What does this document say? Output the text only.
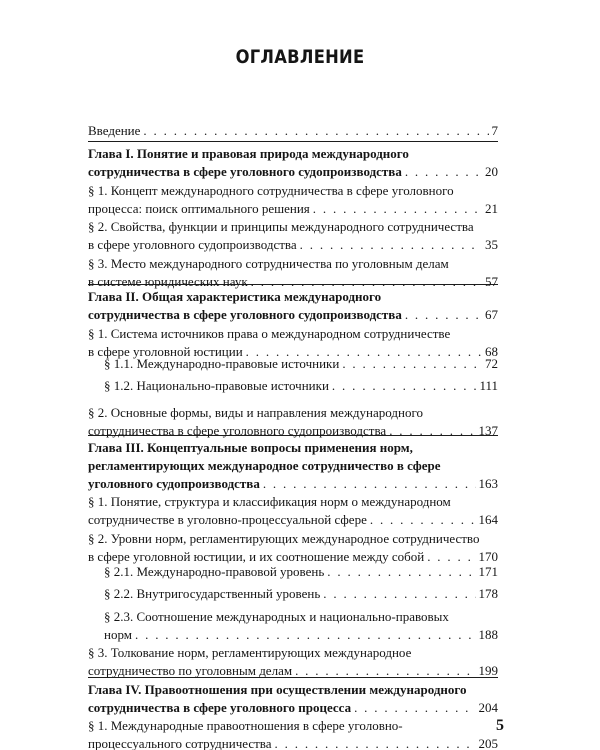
ОГЛАВЛЕНИЕ
5
Введение . . .	7
Глава I. Понятие и правовая природа международного
сотрудничества в сфере уголовного судопроизводства . . .	20
§ 1. Концепт международного сотрудничества в сфере уголовного
процесса: поиск оптимального решения . . .	21
§ 2. Свойства, функции и принципы международного сотрудничества
в сфере уголовного судопроизводства . . .	35
§ 3. Место международного сотрудничества по уголовным делам
в системе юридических наук . . .	57
Глава II. Общая характеристика международного
сотрудничества в сфере уголовного судопроизводства . . .	67
§ 1. Система источников права о международном сотрудничестве
в сфере уголовной юстиции . . .	68
§ 1.1. Международно-правовые источники . . .	72
§ 1.2. Национально-правовые источники . . .	111
§ 2. Основные формы, виды и направления международного
сотрудничества в сфере уголовного судопроизводства . . .	137
Глава III. Концептуальные вопросы применения норм,
регламентирующих международное сотрудничество в сфере
уголовного судопроизводства . . .	163
§ 1. Понятие, структура и классификация норм о международном
сотрудничестве в уголовно-процессуальной сфере . . .	164
§ 2. Уровни норм, регламентирующих международное сотрудничество
в сфере уголовной юстиции, и их соотношение между собой . . .	170
§ 2.1. Международно-правовой уровень . . .	171
§ 2.2. Внутригосударственный уровень . . .	178
§ 2.3. Соотношение международных и национально-правовых
норм . . .	188
§ 3. Толкование норм, регламентирующих международное
сотрудничество по уголовным делам . . .	199
Глава IV. Правоотношения при осуществлении международного
сотрудничества в сфере уголовного процесса . . .	204
§ 1. Международные правоотношения в сфере уголовно-
процессуального сотрудничества . . .	205
